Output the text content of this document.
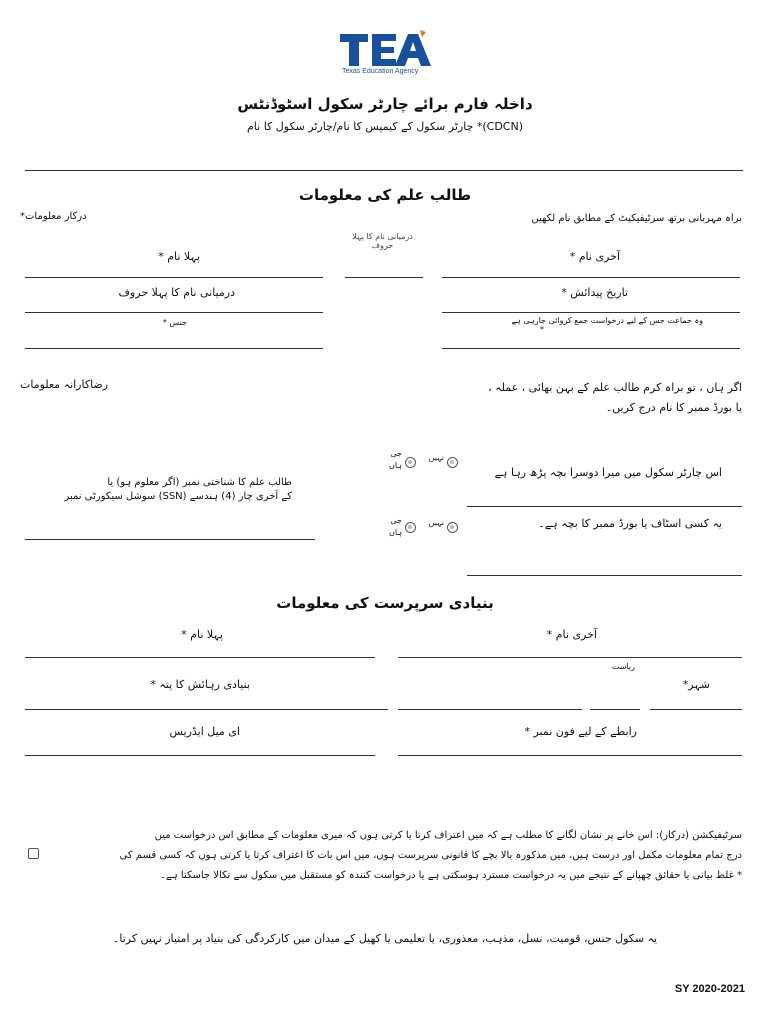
Texas Education Agency
داخلہ فارم برائے چارٹر سکول اسٹوڈنٹس
(CDCN)* چارٹر سکول کے کیمپس کا نام/چارٹر سکول کا نام
طالب علم کی معلومات
درکار معلومات*	براہ مہربانی برتھ سرٹیفیکیٹ کے مطابق نام لکھیں
درمیانی نام کا پہلا
حروف
پہلا نام *	آخری نام *
درمیانی نام کا پہلا حروف	تاریخ پیدائش *
جنس *	وہ جماعت جس کے لیے درخواست جمع کروائی جارہی ہے
*
رضاکارانہ معلومات	اگر ہاں ، تو براہ کرم طالب علم کے بہن بھائی ، عملہ ، یا بورڈ ممبر کا نام درج کریں۔
اس چارٹر سکول میں میرا دوسرا بچہ پڑھ رہا ہے
نہیں
جی
ہاں
طالب علم کا شناختی نمبر (اگر معلوم ہو) یا
کے آخری چار (4) ہندسے (SSN) سوشل سیکورٹی نمبر
یہ کسی اسٹاف یا بورڈ ممبر کا بچہ ہے۔
نہیں
جی
ہاں
بنیادی سرپرست کی معلومات
پہلا نام *	آخری نام *
بنیادی رہائش کا پتہ *
ریاست
شہر*
ای میل ایڈریس	رابطے کے لیے فون نمبر *
سرٹیفیکشن (درکار): اس خانے پر نشان لگانے کا مطلب ہے کہ میں اعتراف کرتا یا کرتی ہوں کہ میری معلومات کے مطابق اس درخواست میں
درج تمام معلومات مکمل اور درست ہیں، میں مذکورہ بالا بچے کا قانونی سرپرست ہوں، میں اس بات کا اعتراف کرتا یا کرتی ہوں کہ کسی قسم کی
* غلط بیانی یا حقائق چھپانے کے نتیجے میں یہ درخواست مسترد ہوسکتی ہے یا درخواست کنندہ کو مستقبل میں سکول سے نکالا جاسکتا ہے۔
یہ سکول جنس، قومیت، نسل، مذہب، معذوری، یا تعلیمی یا کھیل کے میدان میں کارکردگی کی بنیاد پر امتیاز نہیں کرتا۔
SY 2020-2021
